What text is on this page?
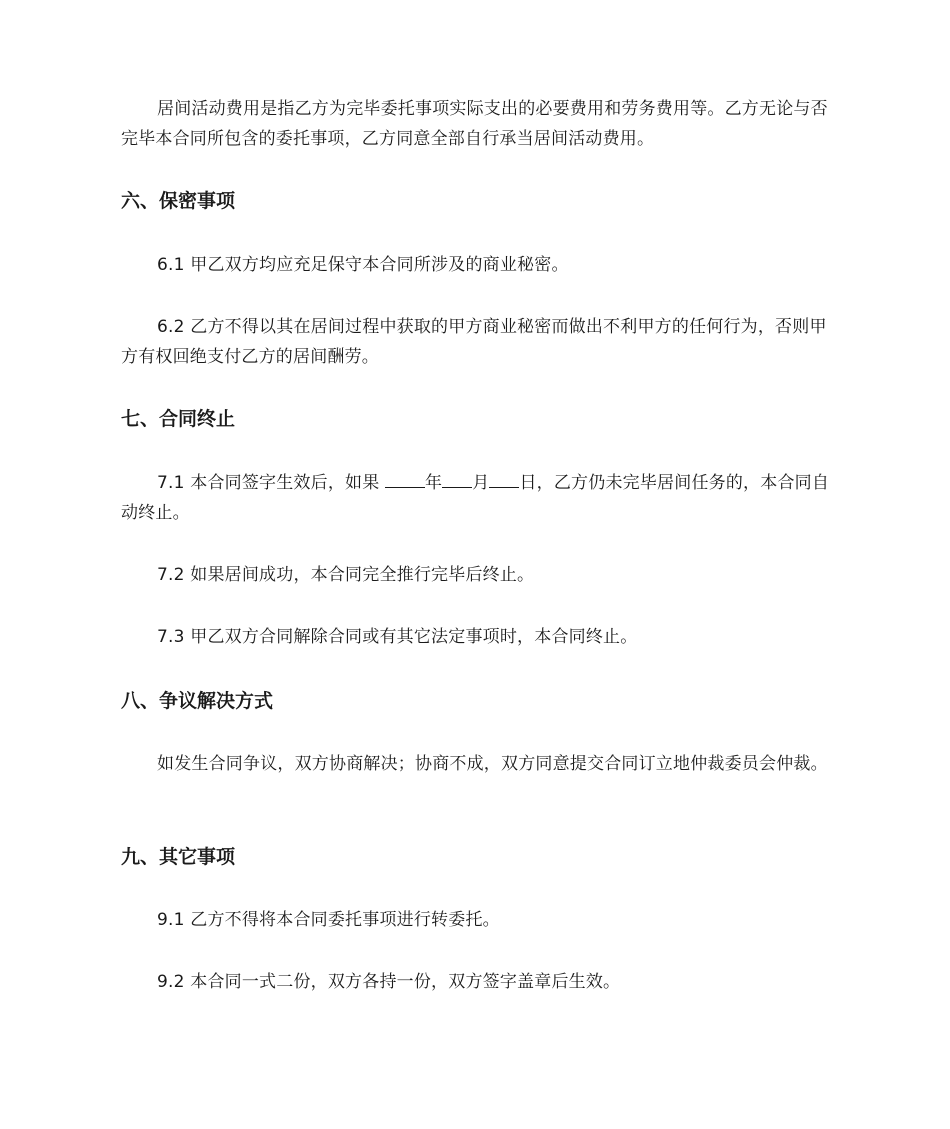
居间活动费用是指乙方为完毕委托事项实际支出的必要费用和劳务费用等。乙方无论与否完毕本合同所包含的委托事项，乙方同意全部自行承当居间活动费用。

六、保密事项

6.1 甲乙双方均应充足保守本合同所涉及的商业秘密。

6.2 乙方不得以其在居间过程中获取的甲方商业秘密而做出不利甲方的任何行为，否则甲方有权回绝支付乙方的居间酬劳。

七、合同终止

7.1 本合同签字生效后，如果 年 月 日，乙方仍未完毕居间任务的，本合同自动终止。

7.2 如果居间成功，本合同完全推行完毕后终止。

7.3 甲乙双方合同解除合同或有其它法定事项时，本合同终止。

八、争议解决方式

如发生合同争议，双方协商解决；协商不成，双方同意提交合同订立地仲裁委员会仲裁。

九、其它事项

9.1 乙方不得将本合同委托事项进行转委托。

9.2 本合同一式二份，双方各持一份，双方签字盖章后生效。
